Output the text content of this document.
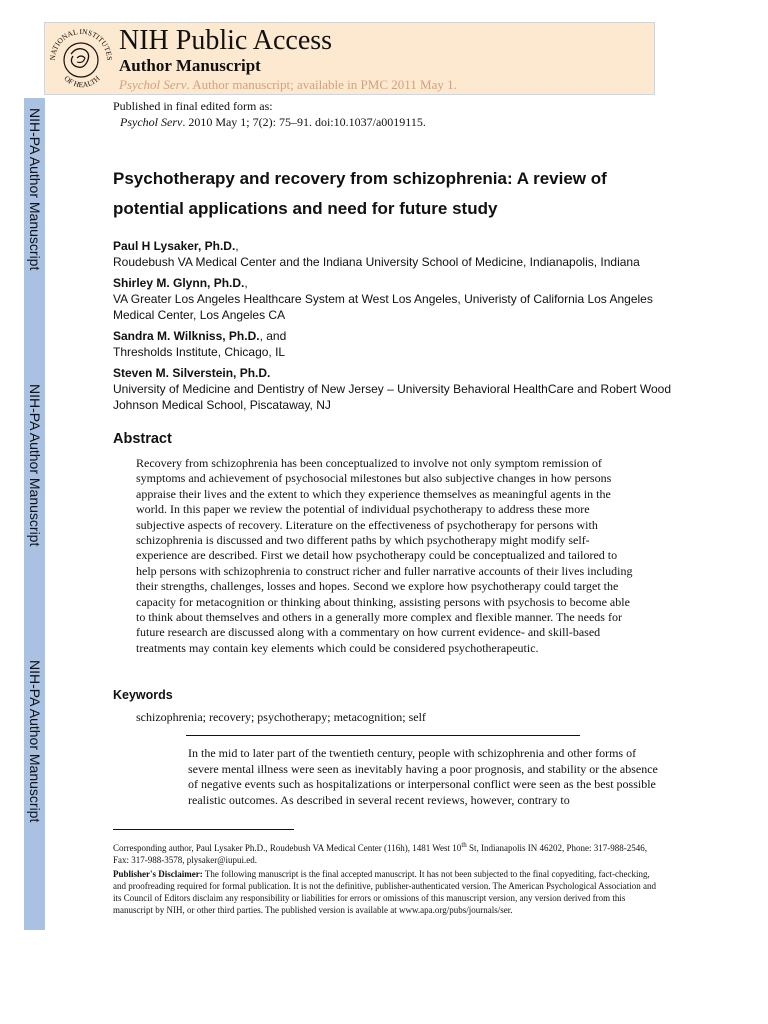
NATIONAL INSTITUTES
OF HEALTH
NIH Public Access
Author Manuscript
Psychol Serv. Author manuscript; available in PMC 2011 May 1.
Published in final edited form as:
Psychol Serv. 2010 May 1; 7(2): 75–91. doi:10.1037/a0019115.
NIH-PA Author Manuscript
NIH-PA Author Manuscript
NIH-PA Author Manuscript
Psychotherapy and recovery from schizophrenia: A review of potential applications and need for future study
Paul H Lysaker, Ph.D.,
Roudebush VA Medical Center and the Indiana University School of Medicine, Indianapolis, Indiana
Shirley M. Glynn, Ph.D.,
VA Greater Los Angeles Healthcare System at West Los Angeles, Univeristy of California Los Angeles Medical Center, Los Angeles CA
Sandra M. Wilkniss, Ph.D., and
Thresholds Institute, Chicago, IL
Steven M. Silverstein, Ph.D.
University of Medicine and Dentistry of New Jersey – University Behavioral HealthCare and Robert Wood Johnson Medical School, Piscataway, NJ
Abstract
Recovery from schizophrenia has been conceptualized to involve not only symptom remission of symptoms and achievement of psychosocial milestones but also subjective changes in how persons appraise their lives and the extent to which they experience themselves as meaningful agents in the world. In this paper we review the potential of individual psychotherapy to address these more subjective aspects of recovery. Literature on the effectiveness of psychotherapy for persons with schizophrenia is discussed and two different paths by which psychotherapy might modify self-experience are described. First we detail how psychotherapy could be conceptualized and tailored to help persons with schizophrenia to construct richer and fuller narrative accounts of their lives including their strengths, challenges, losses and hopes. Second we explore how psychotherapy could target the capacity for metacognition or thinking about thinking, assisting persons with psychosis to become able to think about themselves and others in a generally more complex and flexible manner. The needs for future research are discussed along with a commentary on how current evidence- and skill-based treatments may contain key elements which could be considered psychotherapeutic.
Keywords
schizophrenia; recovery; psychotherapy; metacognition; self
In the mid to later part of the twentieth century, people with schizophrenia and other forms of severe mental illness were seen as inevitably having a poor prognosis, and stability or the absence of negative events such as hospitalizations or interpersonal conflict were seen as the best possible realistic outcomes. As described in several recent reviews, however, contrary to

Corresponding author, Paul Lysaker Ph.D., Roudebush VA Medical Center (116h), 1481 West 10th St, Indianapolis IN 46202, Phone: 317-988-2546, Fax: 317-988-3578, plysaker@iupui.ed.

Publisher's Disclaimer: The following manuscript is the final accepted manuscript. It has not been subjected to the final copyediting, fact-checking, and proofreading required for formal publication. It is not the definitive, publisher-authenticated version. The American Psychological Association and its Council of Editors disclaim any responsibility or liabilities for errors or omissions of this manuscript version, any version derived from this manuscript by NIH, or other third parties. The published version is available at www.apa.org/pubs/journals/ser.
